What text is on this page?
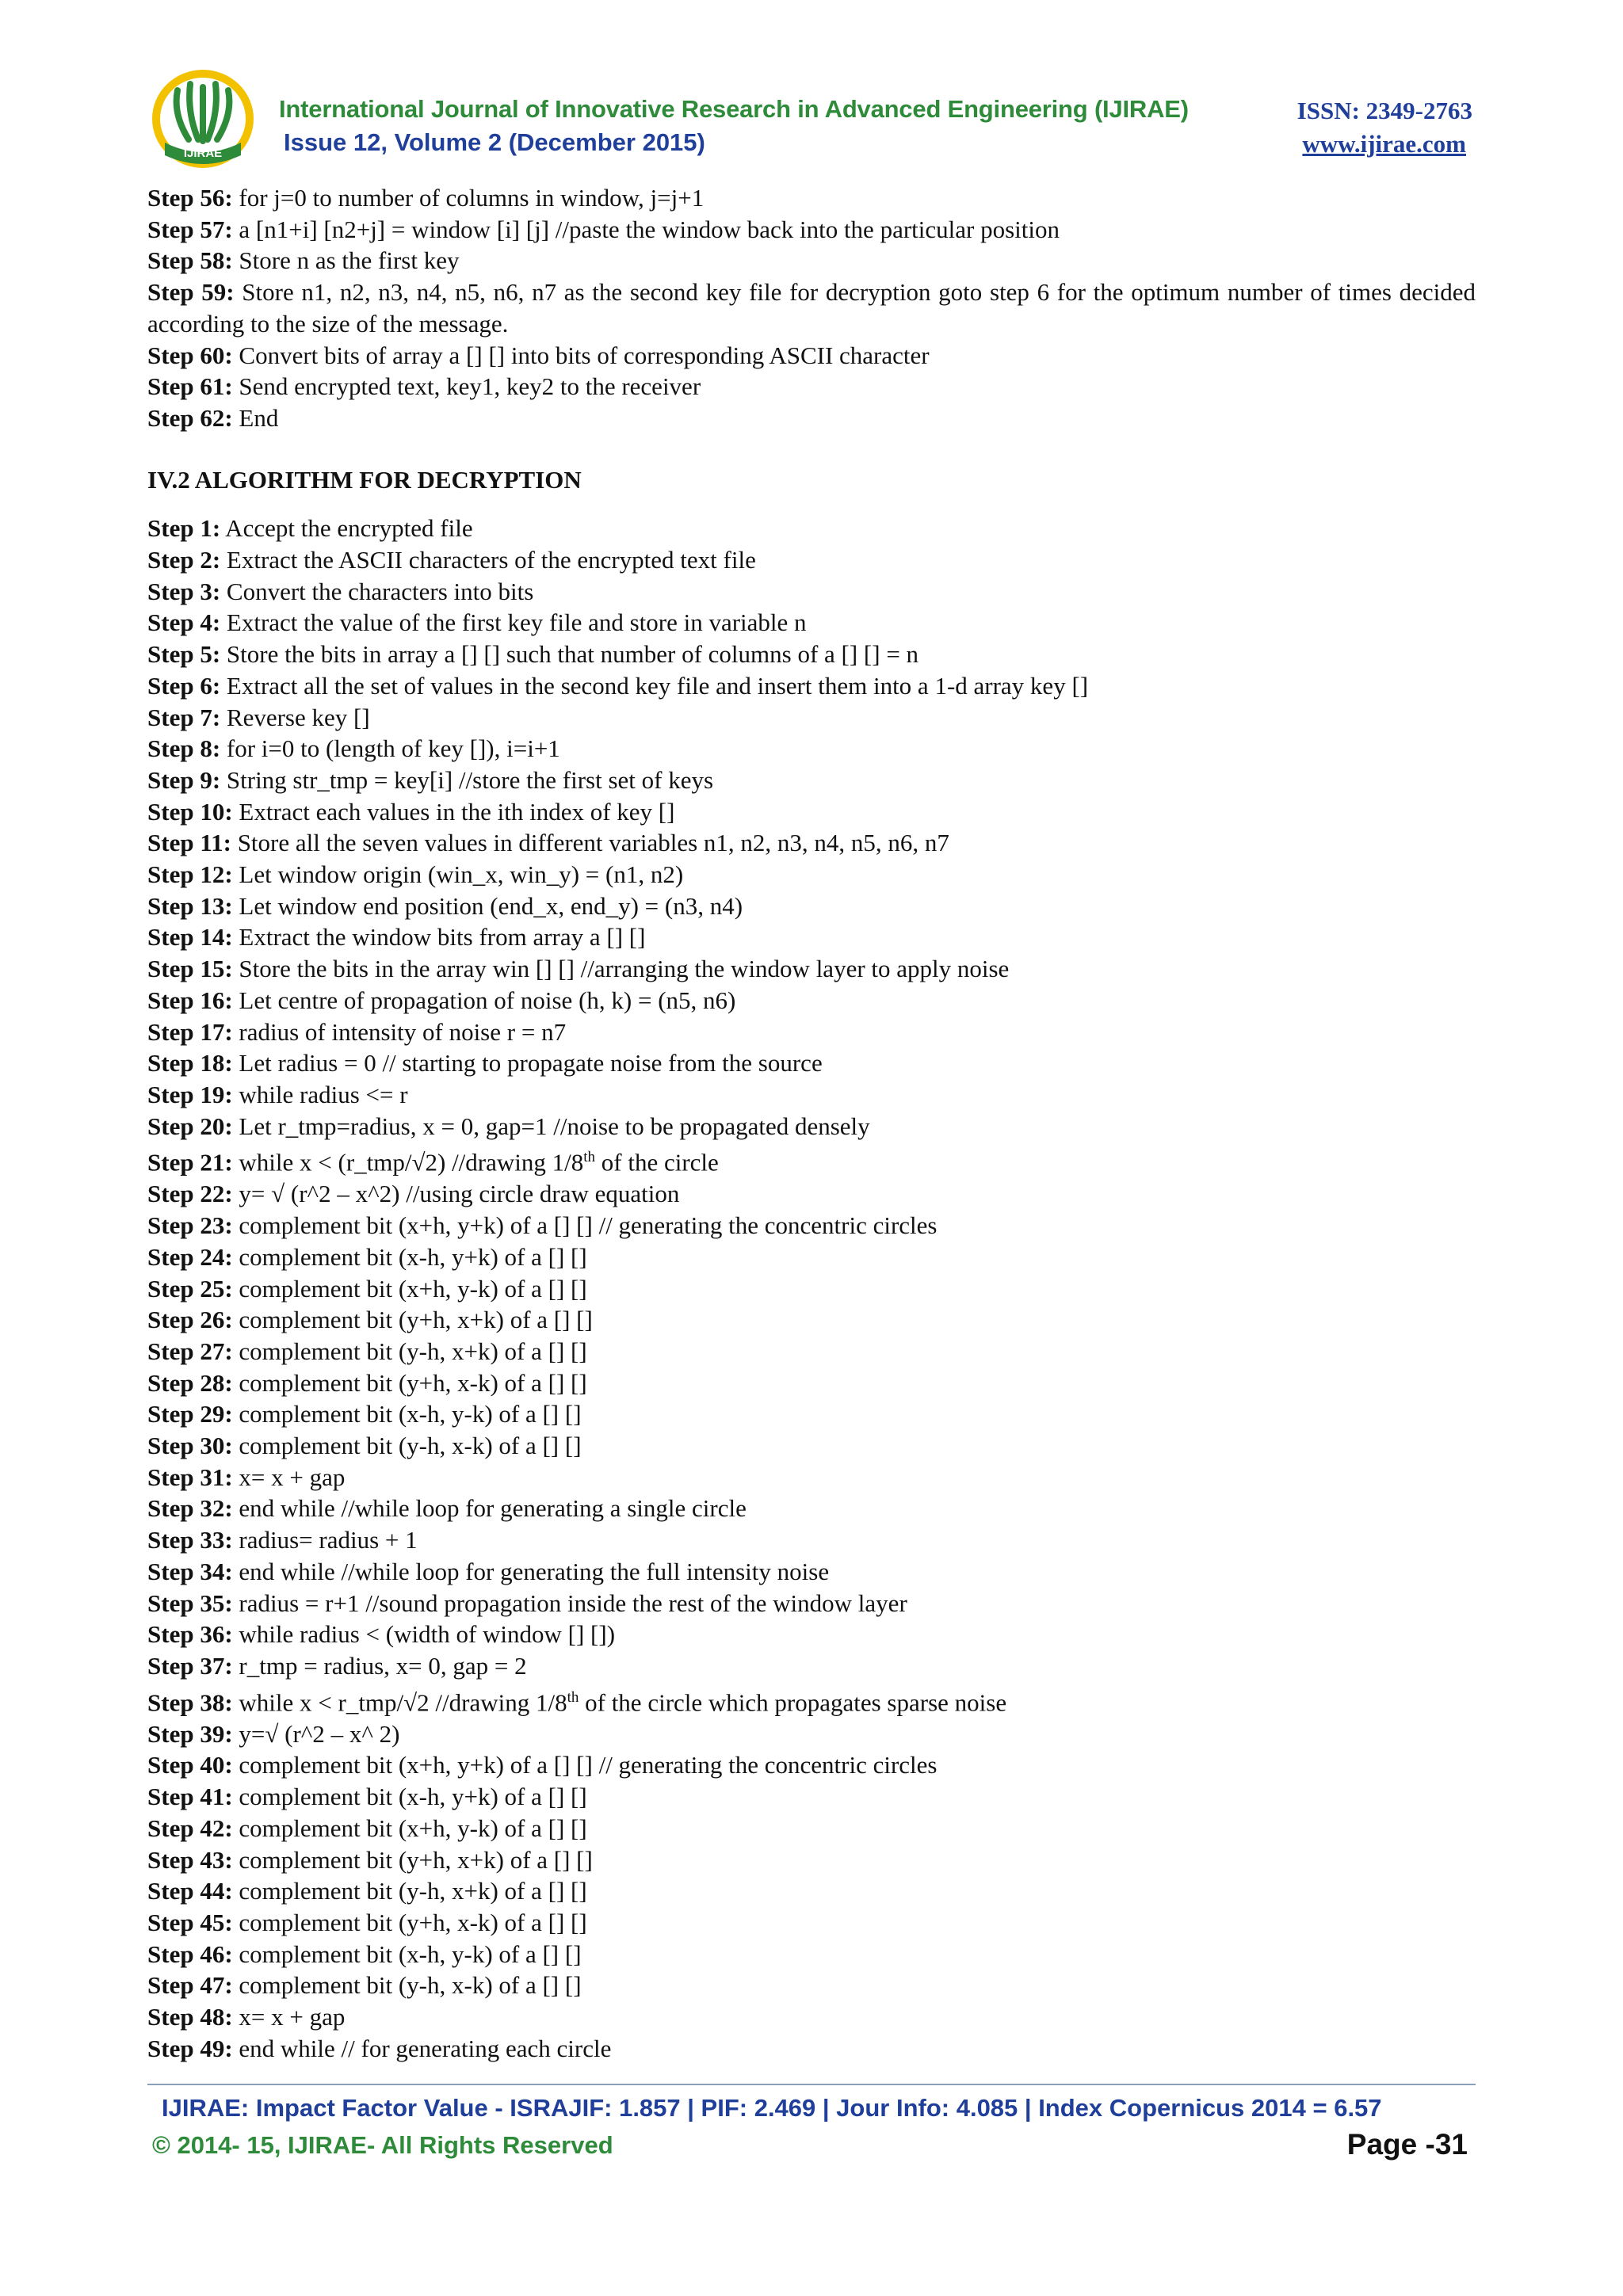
IJIRAE
International Journal of Innovative Research in Advanced Engineering (IJIRAE)
Issue 12, Volume 2 (December 2015)
ISSN: 2349-2763
www.ijirae.com
Step 56: for j=0 to number of columns in window, j=j+1
Step 57: a [n1+i] [n2+j] = window [i] [j] //paste the window back into the particular position
Step 58: Store n as the first key
Step 59: Store n1, n2, n3, n4, n5, n6, n7 as the second key file for decryption goto step 6 for the optimum number of times decided according to the size of the message.
Step 60: Convert bits of array a [] [] into bits of corresponding ASCII character
Step 61: Send encrypted text, key1, key2 to the receiver
Step 62: End
IV.2 ALGORITHM FOR DECRYPTION
Step 1: Accept the encrypted file
Step 2: Extract the ASCII characters of the encrypted text file
Step 3: Convert the characters into bits
Step 4: Extract the value of the first key file and store in variable n
Step 5: Store the bits in array a [] [] such that number of columns of a [] [] = n
Step 6: Extract all the set of values in the second key file and insert them into a 1-d array key []
Step 7: Reverse key []
Step 8: for i=0 to (length of key []), i=i+1
Step 9: String str_tmp = key[i] //store the first set of keys
Step 10: Extract each values in the ith index of key []
Step 11: Store all the seven values in different variables n1, n2, n3, n4, n5, n6, n7
Step 12: Let window origin (win_x, win_y) = (n1, n2)
Step 13: Let window end position (end_x, end_y) = (n3, n4)
Step 14: Extract the window bits from array a [] []
Step 15: Store the bits in the array win [] [] //arranging the window layer to apply noise
Step 16: Let centre of propagation of noise (h, k) = (n5, n6)
Step 17: radius of intensity of noise r = n7
Step 18: Let radius = 0 // starting to propagate noise from the source
Step 19: while radius <= r
Step 20: Let r_tmp=radius, x = 0, gap=1 //noise to be propagated densely
Step 21: while x < (r_tmp/√2) //drawing 1/8th of the circle
Step 22: y= √ (r^2 – x^2) //using circle draw equation
Step 23: complement bit (x+h, y+k) of a [] [] // generating the concentric circles
Step 24: complement bit (x-h, y+k) of a [] []
Step 25: complement bit (x+h, y-k) of a [] []
Step 26: complement bit (y+h, x+k) of a [] []
Step 27: complement bit (y-h, x+k) of a [] []
Step 28: complement bit (y+h, x-k) of a [] []
Step 29: complement bit (x-h, y-k) of a [] []
Step 30: complement bit (y-h, x-k) of a [] []
Step 31: x= x + gap
Step 32: end while //while loop for generating a single circle
Step 33: radius= radius + 1
Step 34: end while //while loop for generating the full intensity noise
Step 35: radius = r+1 //sound propagation inside the rest of the window layer
Step 36: while radius < (width of window [] [])
Step 37: r_tmp = radius, x= 0, gap = 2
Step 38: while x < r_tmp/√2 //drawing 1/8th of the circle which propagates sparse noise
Step 39: y=√ (r^2 – x^ 2)
Step 40: complement bit (x+h, y+k) of a [] [] // generating the concentric circles
Step 41: complement bit (x-h, y+k) of a [] []
Step 42: complement bit (x+h, y-k) of a [] []
Step 43: complement bit (y+h, x+k) of a [] []
Step 44: complement bit (y-h, x+k) of a [] []
Step 45: complement bit (y+h, x-k) of a [] []
Step 46: complement bit (x-h, y-k) of a [] []
Step 47: complement bit (y-h, x-k) of a [] []
Step 48: x= x + gap
Step 49: end while // for generating each circle
IJIRAE: Impact Factor Value - ISRAJIF: 1.857 | PIF: 2.469 | Jour Info: 4.085 | Index Copernicus 2014 = 6.57
© 2014- 15, IJIRAE- All Rights Reserved	Page -31
